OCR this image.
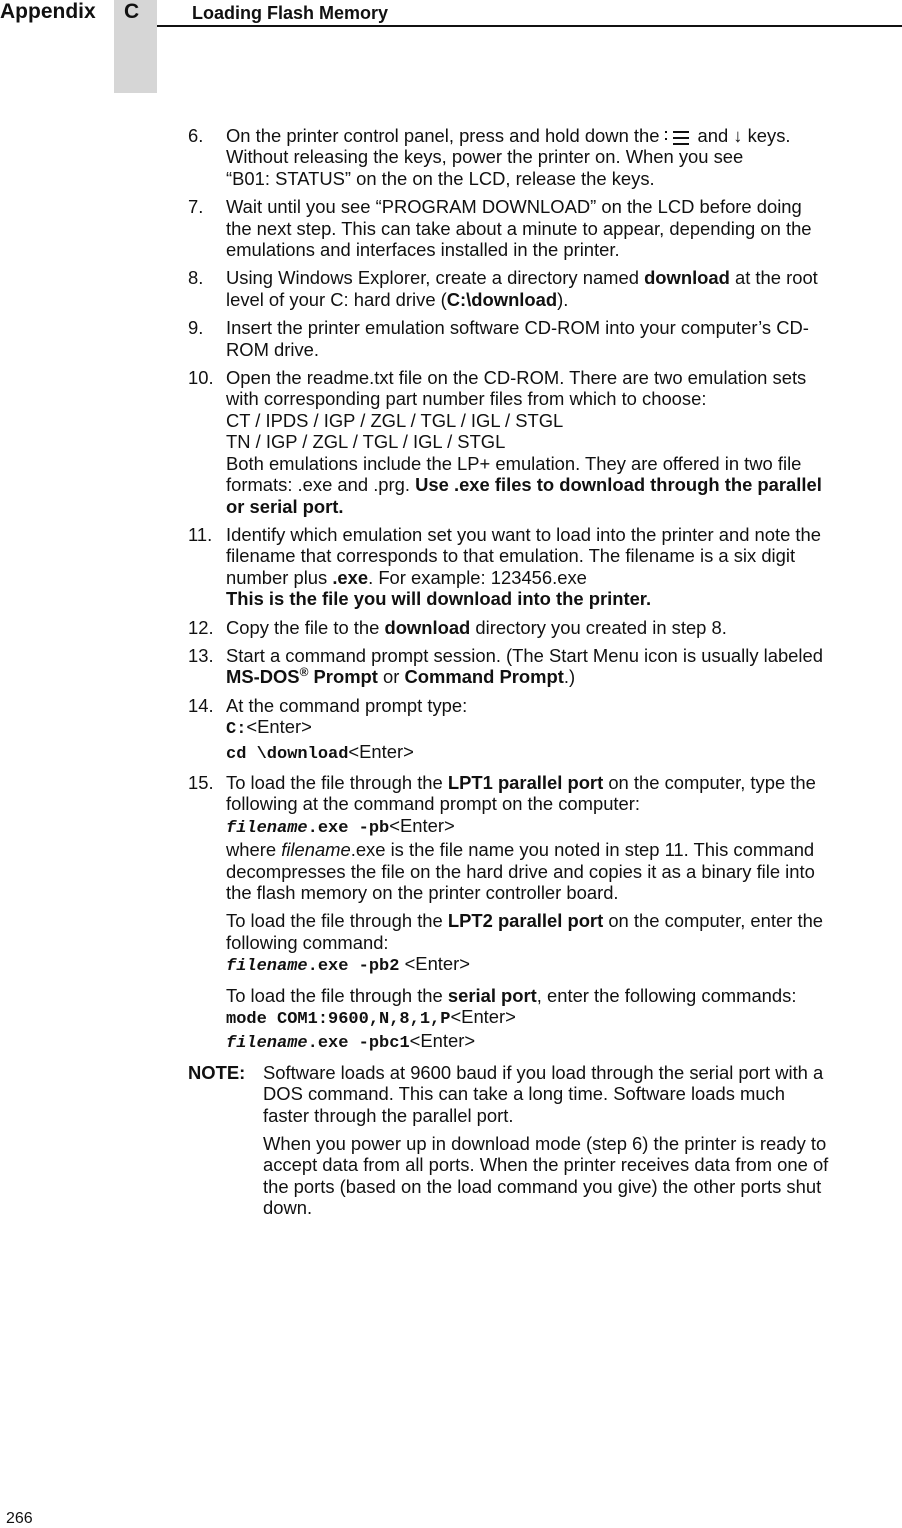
Appendix C	Loading Flash Memory
6. On the printer control panel, press and hold down the and ↓ keys.
Without releasing the keys, power the printer on. When you see
“B01: STATUS” on the on the LCD, release the keys.
7. Wait until you see “PROGRAM DOWNLOAD” on the LCD before doing
the next step. This can take about a minute to appear, depending on the
emulations and interfaces installed in the printer.
8. Using Windows Explorer, create a directory named download at the root
level of your C: hard drive (C:\download).
9. Insert the printer emulation software CD-ROM into your computer’s CD-
ROM drive.
10. Open the readme.txt file on the CD-ROM. There are two emulation sets
with corresponding part number files from which to choose:
CT / IPDS / IGP / ZGL / TGL / IGL / STGL
TN / IGP / ZGL / TGL / IGL / STGL
Both emulations include the LP+ emulation. They are offered in two file
formats: .exe and .prg. Use .exe files to download through the parallel
or serial port.
11. Identify which emulation set you want to load into the printer and note the
filename that corresponds to that emulation. The filename is a six digit
number plus .exe. For example: 123456.exe
This is the file you will download into the printer.
12. Copy the file to the download directory you created in step 8.
13. Start a command prompt session. (The Start Menu icon is usually labeled
MS-DOS® Prompt or Command Prompt.)
14. At the command prompt type:
C:<Enter>
cd \download<Enter>
15. To load the file through the LPT1 parallel port on the computer, type the
following at the command prompt on the computer:
filename.exe -pb<Enter>
where filename.exe is the file name you noted in step 11. This command
decompresses the file on the hard drive and copies it as a binary file into
the flash memory on the printer controller board.
To load the file through the LPT2 parallel port on the computer, enter the
following command:
filename.exe -pb2 <Enter>
To load the file through the serial port, enter the following commands:
mode COM1:9600,N,8,1,P<Enter>
filename.exe -pbc1<Enter>
NOTE: Software loads at 9600 baud if you load through the serial port with a
DOS command. This can take a long time. Software loads much
faster through the parallel port.
When you power up in download mode (step 6) the printer is ready to
accept data from all ports. When the printer receives data from one of
the ports (based on the load command you give) the other ports shut
down.
266
